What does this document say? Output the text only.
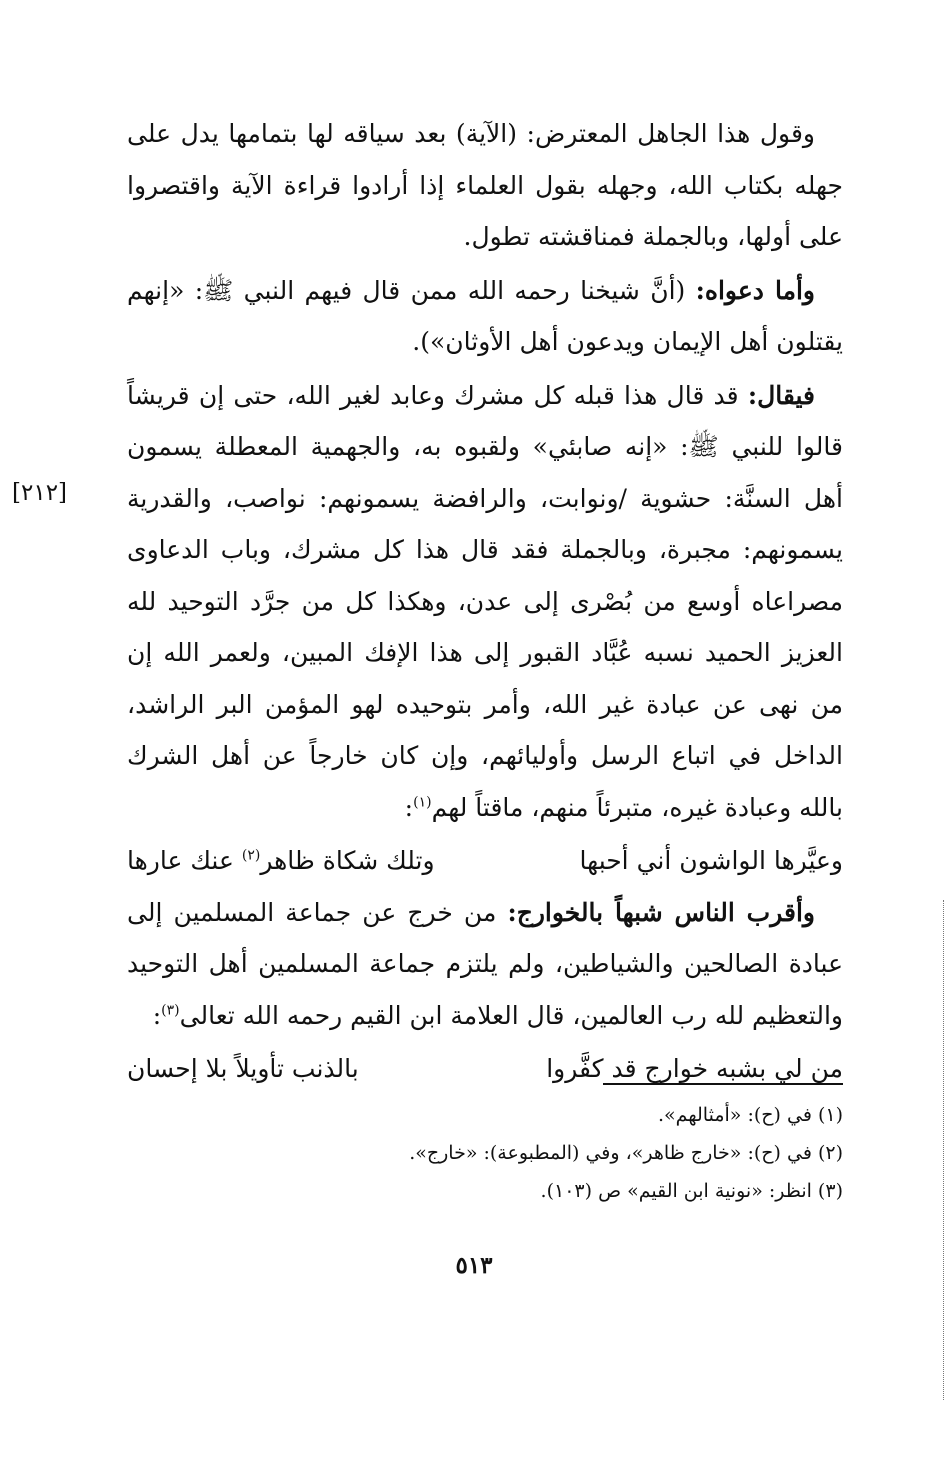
وقول هذا الجاهل المعترض: (الآية) بعد سياقه لها بتمامها يدل على جهله بكتاب الله، وجهله بقول العلماء إذا أرادوا قراءة الآية واقتصروا على أولها، وبالجملة فمناقشته تطول.

وأما دعواه: (أنَّ شيخنا رحمه الله ممن قال فيهم النبي ﷺ: «إنهم يقتلون أهل الإيمان ويدعون أهل الأوثان»).

فيقال: قد قال هذا قبله كل مشرك وعابد لغير الله، حتى إن قريشاً قالوا للنبي ﷺ: «إنه صابئي» ولقبوه به، والجهمية المعطلة يسمون أهل السنَّة: حشوية /ونوابت، والرافضة يسمونهم: نواصب، والقدرية يسمونهم: مجبرة، وبالجملة فقد قال هذا كل مشرك، وباب الدعاوى مصراعاه أوسع من بُصْرى إلى عدن، وهكذا كل من جرَّد التوحيد لله العزيز الحميد نسبه عُبَّاد القبور إلى هذا الإفك المبين، ولعمر الله إن من نهى عن عبادة غير الله، وأمر بتوحيده لهو المؤمن البر الراشد، الداخل في اتباع الرسل وأوليائهم، وإن كان خارجاً عن أهل الشرك بالله وعبادة غيره، متبرئاً منهم، ماقتاً لهم$^{(١)}$:

وعيَّرها الواشون أني أحبها
وتلك شكاة ظاهر$^{(٢)}$ عنك عارها

وأقرب الناس شبهاً بالخوارج: من خرج عن جماعة المسلمين إلى عبادة الصالحين والشياطين، ولم يلتزم جماعة المسلمين أهل التوحيد والتعظيم لله رب العالمين، قال العلامة ابن القيم رحمه الله تعالى$^{(٣)}$:

من لي بشبه خوارج قد كفَّروا
بالذنب تأويلاً بلا إحسان
[٢١٢]
(١) في (ح): «أمثالهم».
(٢) في (ح): «خارج ظاهر»، وفي (المطبوعة): «خارج».
(٣) انظر: «نونية ابن القيم» ص (١٠٣).
٥١٣
